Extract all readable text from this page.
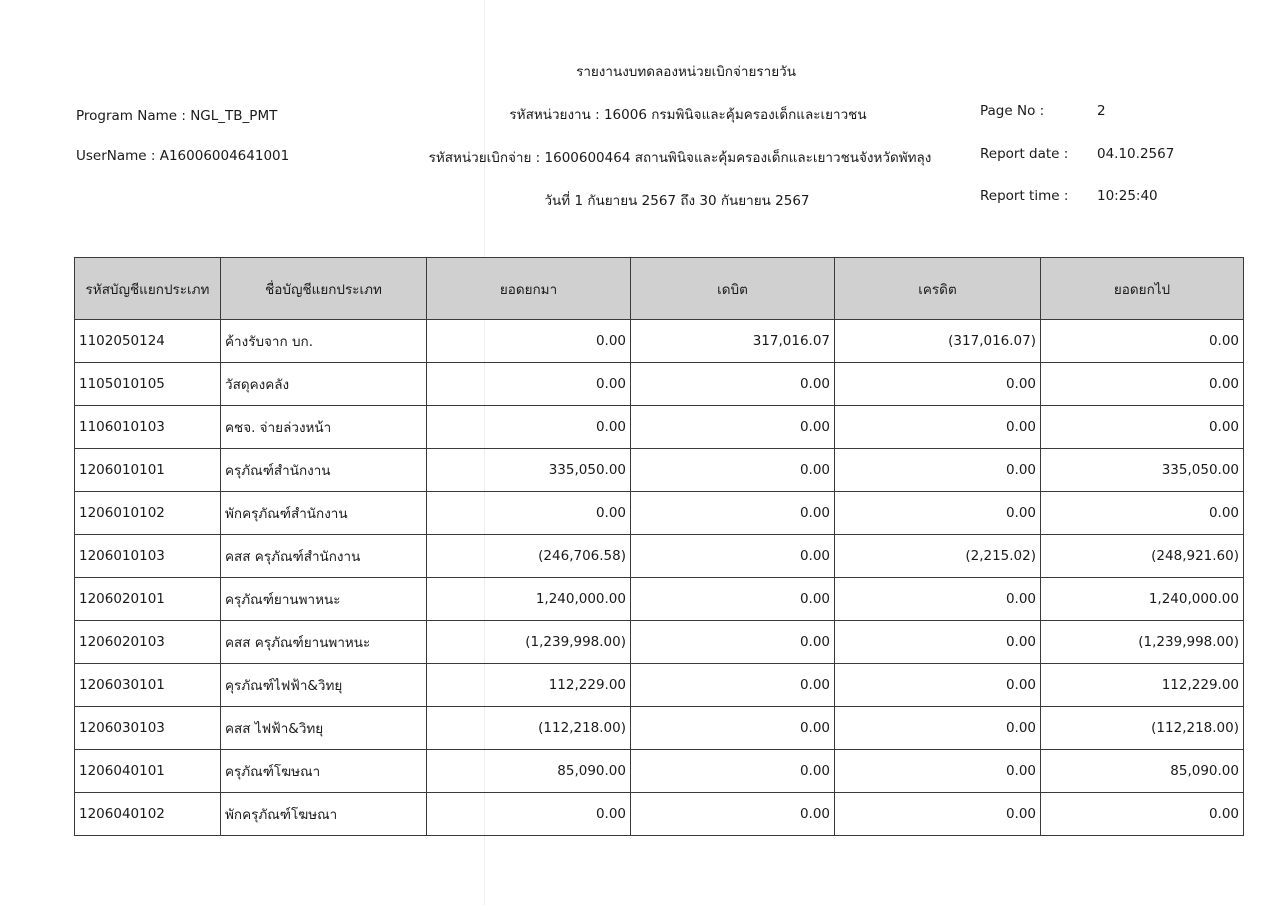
รายงานงบทดลองหน่วยเบิกจ่ายรายวัน
Program Name : NGL_TB_PMT	รหัสหน่วยงาน : 16006 กรมพินิจและคุ้มครองเด็กและเยาวชน	Page No :	2
UserName : A16006004641001	รหัสหน่วยเบิกจ่าย : 1600600464 สถานพินิจและคุ้มครองเด็กและเยาวชนจังหวัดพัทลุง	Report date : 04.10.2567
วันที่ 1 กันยายน 2567 ถึง 30 กันยายน 2567	Report time : 10:25:40
รหัสบัญชีแยกประเภท	ชื่อบัญชีแยกประเภท	ยอดยกมา	เดบิต	เครดิต	ยอดยกไป
1102050124	ค้างรับจาก บก.	0.00	317,016.07	(317,016.07)	0.00
1105010105	วัสดุคงคลัง	0.00	0.00	0.00	0.00
1106010103	คชจ. จ่ายล่วงหน้า	0.00	0.00	0.00	0.00
1206010101	ครุภัณฑ์สำนักงาน	335,050.00	0.00	0.00	335,050.00
1206010102	พักครุภัณฑ์สำนักงาน	0.00	0.00	0.00	0.00
1206010103	คสส ครุภัณฑ์สำนักงาน	(246,706.58)	0.00	(2,215.02)	(248,921.60)
1206020101	ครุภัณฑ์ยานพาหนะ	1,240,000.00	0.00	0.00	1,240,000.00
1206020103	คสส ครุภัณฑ์ยานพาหนะ	(1,239,998.00)	0.00	0.00	(1,239,998.00)
1206030101	คุรภัณฑ์ไฟฟ้า&วิทยุ	112,229.00	0.00	0.00	112,229.00
1206030103	คสส ไฟฟ้า&วิทยุ	(112,218.00)	0.00	0.00	(112,218.00)
1206040101	ครุภัณฑ์โฆษณา	85,090.00	0.00	0.00	85,090.00
1206040102	พักครุภัณฑ์โฆษณา	0.00	0.00	0.00	0.00
